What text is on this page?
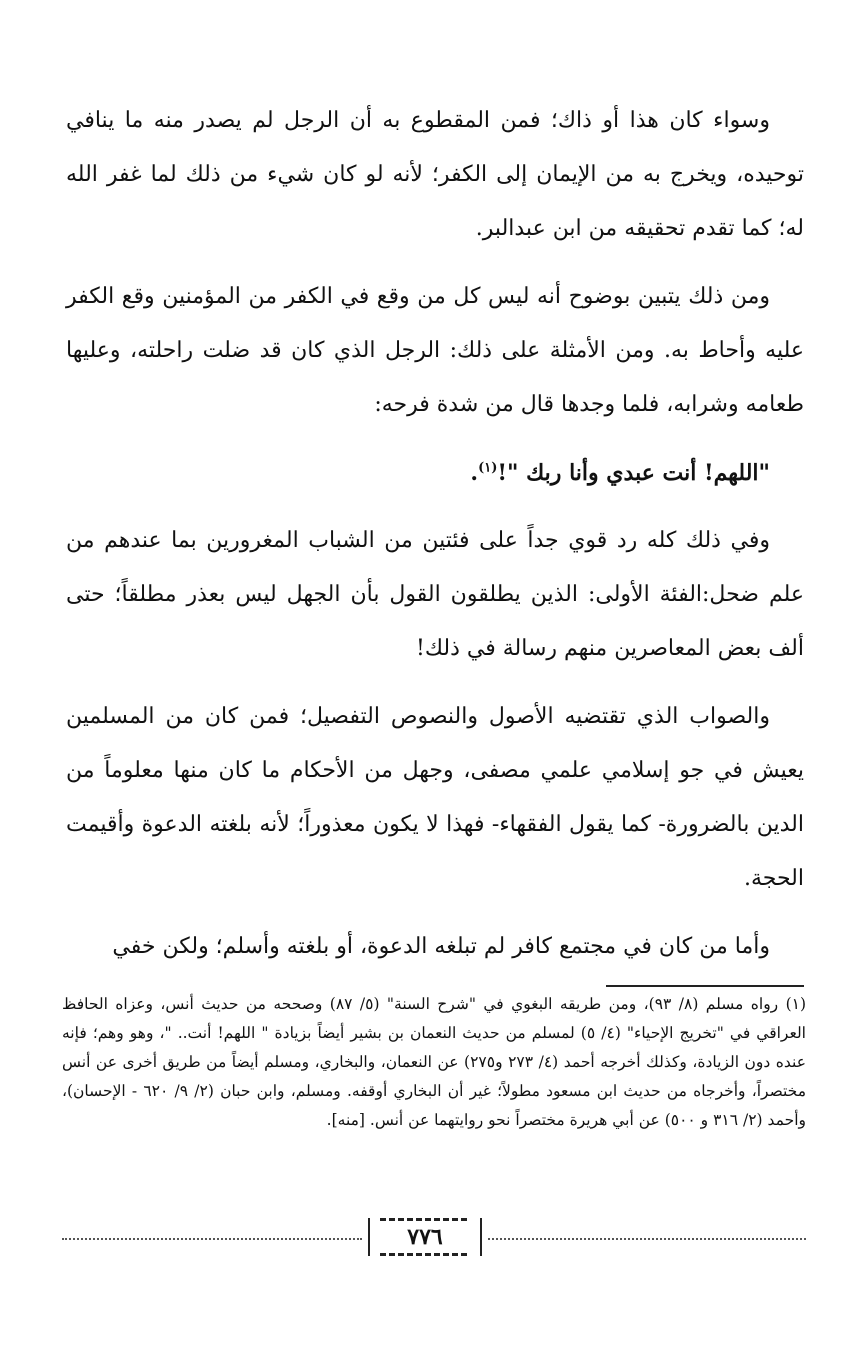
وسواء كان هذا أو ذاك؛ فمن المقطوع به أن الرجل لم يصدر منه ما ينافي توحيده، ويخرج به من الإيمان إلى الكفر؛ لأنه لو كان شيء من ذلك لما غفر الله له؛ كما تقدم تحقيقه من ابن عبدالبر.

ومن ذلك يتبين بوضوح أنه ليس كل من وقع في الكفر من المؤمنين وقع الكفر عليه وأحاط به. ومن الأمثلة على ذلك: الرجل الذي كان قد ضلت راحلته، وعليها طعامه وشرابه، فلما وجدها قال من شدة فرحه:

"اللهم! أنت عبدي وأنا ربك "!$^{(١)}$.

وفي ذلك كله رد قوي جداً على فئتين من الشباب المغرورين بما عندهم من علم ضحل:الفئة الأولى: الذين يطلقون القول بأن الجهل ليس بعذر مطلقاً؛ حتى ألف بعض المعاصرين منهم رسالة في ذلك!

والصواب الذي تقتضيه الأصول والنصوص التفصيل؛ فمن كان من المسلمين يعيش في جو إسلامي علمي مصفى، وجهل من الأحكام ما كان منها معلوماً من الدين بالضرورة- كما يقول الفقهاء- فهذا لا يكون معذوراً؛ لأنه بلغته الدعوة وأقيمت الحجة.

وأما من كان في مجتمع كافر لم تبلغه الدعوة، أو بلغته وأسلم؛ ولكن خفي

(١) رواه مسلم (٨/ ٩٣)، ومن طريقه البغوي في "شرح السنة" (٥/ ٨٧) وصححه من حديث أنس، وعزاه الحافظ العراقي في "تخريج الإحياء" (٤/ ٥) لمسلم من حديث النعمان بن بشير أيضاً بزيادة " اللهم! أنت.. "، وهو وهم؛ فإنه عنده دون الزيادة، وكذلك أخرجه أحمد (٤/ ٢٧٣ و٢٧٥) عن النعمان، والبخاري، ومسلم أيضاً من طريق أخرى عن أنس مختصراً، وأخرجاه من حديث ابن مسعود مطولاً؛ غير أن البخاري أوقفه. ومسلم، وابن حبان (٢/ ٩/ ٦٢٠ - الإحسان)، وأحمد (٢/ ٣١٦ و ٥٠٠) عن أبي هريرة مختصراً نحو روايتهما عن أنس. [منه].

٧٧٦
